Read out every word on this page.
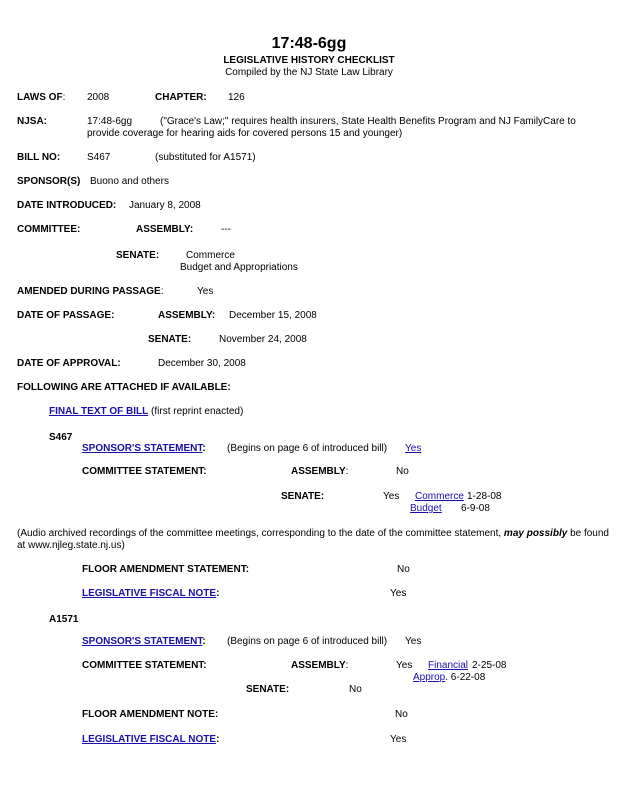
17:48-6gg
LEGISLATIVE HISTORY CHECKLIST
Compiled by the NJ State Law Library
LAWS OF: 2008	CHAPTER: 126
NJSA:	17:48-6gg	("Grace's Law;" requires health insurers, State Health Benefits Program and NJ FamilyCare to
provide coverage for hearing aids for covered persons 15 and younger)
BILL NO:	S467	(substituted for A1571)
SPONSOR(S) Buono and others
DATE INTRODUCED: January 8, 2008
COMMITTEE:	ASSEMBLY:	---
SENATE:	Commerce
Budget and Appropriations
AMENDED DURING PASSAGE:	Yes
DATE OF PASSAGE:	ASSEMBLY: December 15, 2008
SENATE:	November 24, 2008
DATE OF APPROVAL:	December 30, 2008
FOLLOWING ARE ATTACHED IF AVAILABLE:
FINAL TEXT OF BILL (first reprint enacted)
S467
SPONSOR'S STATEMENT: (Begins on page 6 of introduced bill) Yes
COMMITTEE STATEMENT:	ASSEMBLY:	No
SENATE:	Yes Commerce 1-28-08
Budget 6-9-08
(Audio archived recordings of the committee meetings, corresponding to the date of the committee statement, may possibly be found
at www.njleg.state.nj.us)
FLOOR AMENDMENT STATEMENT:	No
LEGISLATIVE FISCAL NOTE:	Yes
A1571
SPONSOR'S STATEMENT: (Begins on page 6 of introduced bill) Yes
COMMITTEE STATEMENT:	ASSEMBLY:	Yes Financial 2-25-08
Approp. 6-22-08
SENATE:	No
FLOOR AMENDMENT NOTE:	No
LEGISLATIVE FISCAL NOTE:	Yes
